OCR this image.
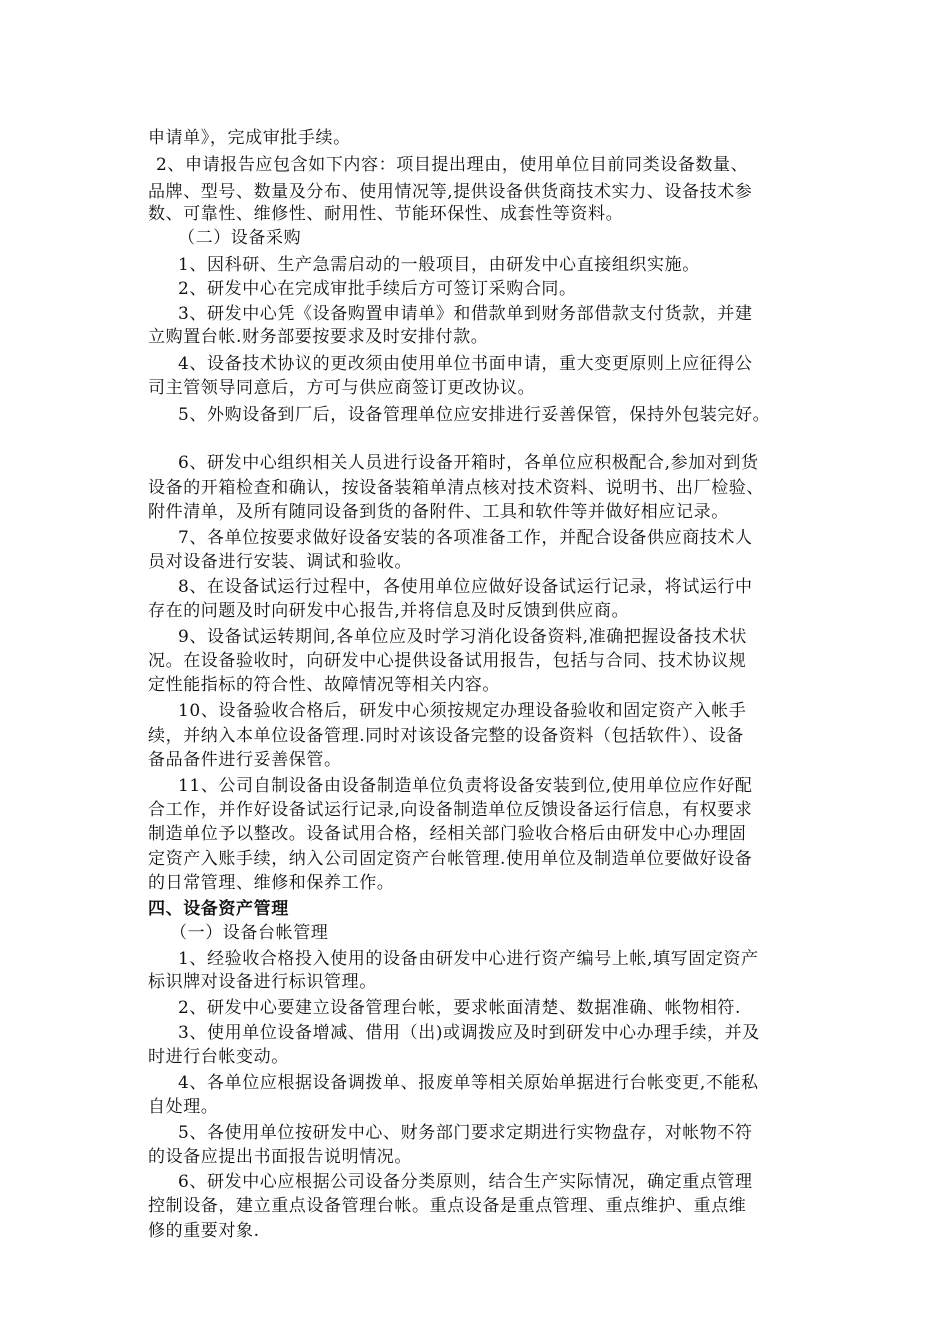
申请单》，完成审批手续。
2、申请报告应包含如下内容：项目提出理由，使用单位目前同类设备数量、
品牌、型号、数量及分布、使用情况等,提供设备供货商技术实力、设备技术参
数、可靠性、维修性、耐用性、节能环保性、成套性等资料。
（二）设备采购
1、因科研、生产急需启动的一般项目，由研发中心直接组织实施。
2、研发中心在完成审批手续后方可签订采购合同。
3、研发中心凭《设备购置申请单》和借款单到财务部借款支付货款，并建
立购置台帐.财务部要按要求及时安排付款。
4、设备技术协议的更改须由使用单位书面申请，重大变更原则上应征得公
司主管领导同意后，方可与供应商签订更改协议。
5、外购设备到厂后，设备管理单位应安排进行妥善保管，保持外包装完好。
6、研发中心组织相关人员进行设备开箱时，各单位应积极配合,参加对到货
设备的开箱检查和确认，按设备装箱单清点核对技术资料、说明书、出厂检验、
附件清单，及所有随同设备到货的备附件、工具和软件等并做好相应记录。
7、各单位按要求做好设备安装的各项准备工作，并配合设备供应商技术人
员对设备进行安装、调试和验收。
8、在设备试运行过程中，各使用单位应做好设备试运行记录，将试运行中
存在的问题及时向研发中心报告,并将信息及时反馈到供应商。
9、设备试运转期间,各单位应及时学习消化设备资料,准确把握设备技术状
况。在设备验收时，向研发中心提供设备试用报告，包括与合同、技术协议规
定性能指标的符合性、故障情况等相关内容。
10、设备验收合格后，研发中心须按规定办理设备验收和固定资产入帐手
续，并纳入本单位设备管理.同时对该设备完整的设备资料（包括软件）、设备
备品备件进行妥善保管。
11、公司自制设备由设备制造单位负责将设备安装到位,使用单位应作好配
合工作，并作好设备试运行记录,向设备制造单位反馈设备运行信息，有权要求
制造单位予以整改。设备试用合格，经相关部门验收合格后由研发中心办理固
定资产入账手续，纳入公司固定资产台帐管理.使用单位及制造单位要做好设备
的日常管理、维修和保养工作。
四、设备资产管理
（一）设备台帐管理
1、经验收合格投入使用的设备由研发中心进行资产编号上帐,填写固定资产
标识牌对设备进行标识管理。
2、研发中心要建立设备管理台帐，要求帐面清楚、数据准确、帐物相符.
3、使用单位设备增减、借用（出)或调拨应及时到研发中心办理手续，并及
时进行台帐变动。
4、各单位应根据设备调拨单、报废单等相关原始单据进行台帐变更,不能私
自处理。
5、各使用单位按研发中心、财务部门要求定期进行实物盘存，对帐物不符
的设备应提出书面报告说明情况。
6、研发中心应根据公司设备分类原则，结合生产实际情况，确定重点管理
控制设备，建立重点设备管理台帐。重点设备是重点管理、重点维护、重点维
修的重要对象.
